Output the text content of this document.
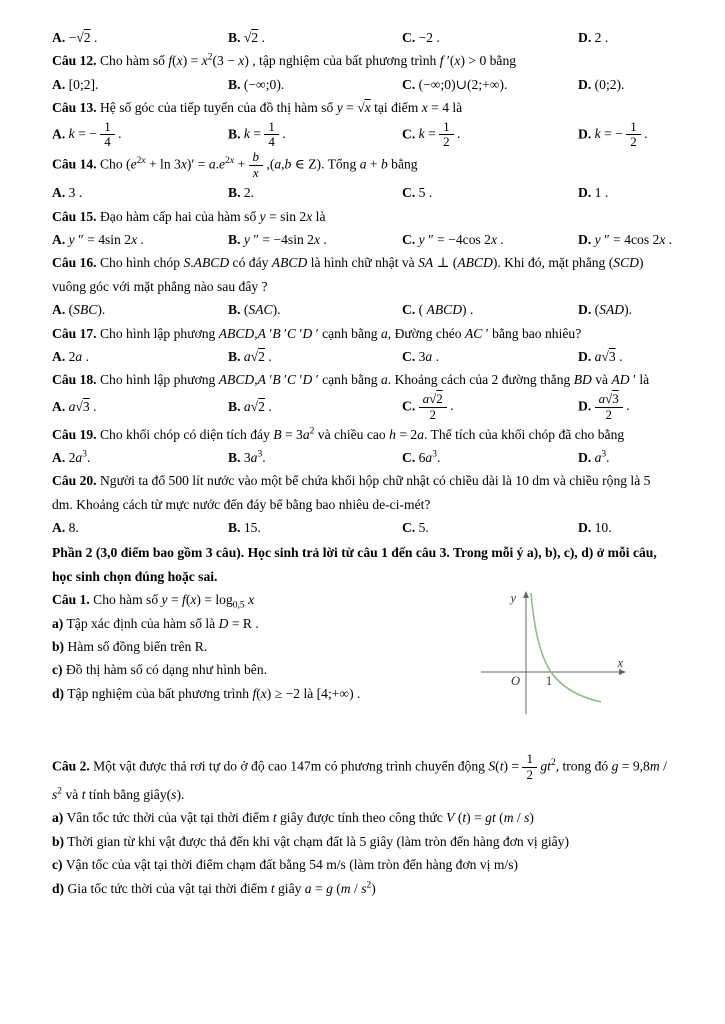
A. −√2 .	B. √2 .	C. −2 .	D. 2 .
Câu 12. Cho hàm số $f(x) = x^2(3 - x)$ , tập nghiệm của bất phương trình f ′(x) > 0 bằng
A. [0;2].	B. (−∞;0).	C. (−∞;0)∪(2;+∞).	D. (0;2).
Câu 13. Hệ số góc của tiếp tuyến của đồ thị hàm số y = √x tại điểm x = 4 là
A. k = − $\frac{1}{4}$ .	B. $k = \frac{1}{4}$ .	C. $k = \frac{1}{2}$ .	D. k = − $\frac{1}{2}$ .
Câu 14. Cho $(e^{2x} + \ln 3x)' = a.e^{2x} + \frac{b}{x} ,(a,b$ ∈ Z). Tổng a + b bằng
A. 3 .	B. 2.	C. 5 .	D. 1 .
Câu 15. Đạo hàm cấp hai của hàm số y = sin 2x là
A. y ″ = 4sin 2x .	B. y ″ = −4sin 2x .	C. y ″ = −4cos 2x .	D. y ″ = 4cos 2x .
Câu 16. Cho hình chóp S.ABCD có đáy ABCD là hình chữ nhật và SA ⊥ (ABCD). Khi đó, mặt phẳng (SCD) vuông góc với mặt phẳng nào sau đây ?
A. (SBC).	B. (SAC).	C. ( ABCD) .	D. (SAD).
Câu 17. Cho hình lập phương ABCD,A ′B ′C ′D ′ cạnh bằng a, Đường chéo AC ′ bằng bao nhiêu?
A. 2a .	B. a√2 .	C. 3a .	D. a√3 .
Câu 18. Cho hình lập phương ABCD,A ′B ′C ′D ′ cạnh bằng a. Khoảng cách của 2 đường thẳng BD và AD ′ là
A. a√3 .	B. a√2 .	C. $\frac{a√2}{2}$ .	D. $\frac{a√3}{2}$ .
Câu 19. Cho khối chóp có diện tích đáy $B = 3a^2$ và chiều cao h = 2a. Thể tích của khối chóp đã cho bằng
A. $2a^3$.	B. $3a^3$.	C. $6a^3$.	D. $a^3$.
Câu 20. Người ta đổ 500 lít nước vào một bể chứa khối hộp chữ nhật có chiều dài là 10 dm và chiều rộng là 5 dm. Khoảng cách từ mực nước đến đáy bể bằng bao nhiêu de-ci-mét?
A. 8.	B. 15.	C. 5.	D. 10.
Phần 2 (3,0 điểm bao gồm 3 câu). Học sinh trả lời từ câu 1 đến câu 3. Trong mỗi ý a), b), c), d) ở mỗi câu, học sinh chọn đúng hoặc sai.
y
x
O 1
Câu 1. Cho hàm số $y = f(x) = \log_{0,5} x$
a) Tập xác định của hàm số là D = R .
b) Hàm số đồng biến trên R.
c) Đồ thị hàm số có dạng như hình bên.
d) Tập nghiệm của bất phương trình f(x) ≥ −2 là [4;+∞) .
Câu 2. Một vật được thả rơi tự do ở độ cao 147m có phương trình chuyển động $S(t) = \frac{1}{2} gt^2$, trong đó $g = 9,8m / s^2$ và t tính bằng giây(s).
a) Vân tốc tức thời của vật tại thời điểm t giây được tính theo công thức V (t) = gt (m / s)
b) Thời gian từ khi vật được thả đến khi vật chạm đất là 5 giây (làm tròn đến hàng đơn vị giây)
c) Vận tốc của vật tại thời điểm chạm đất bằng 54 m/s (làm tròn đến hàng đơn vị m/s)
d) Gia tốc tức thời của vật tại thời điểm t giây a = g $(m / s^2)$
